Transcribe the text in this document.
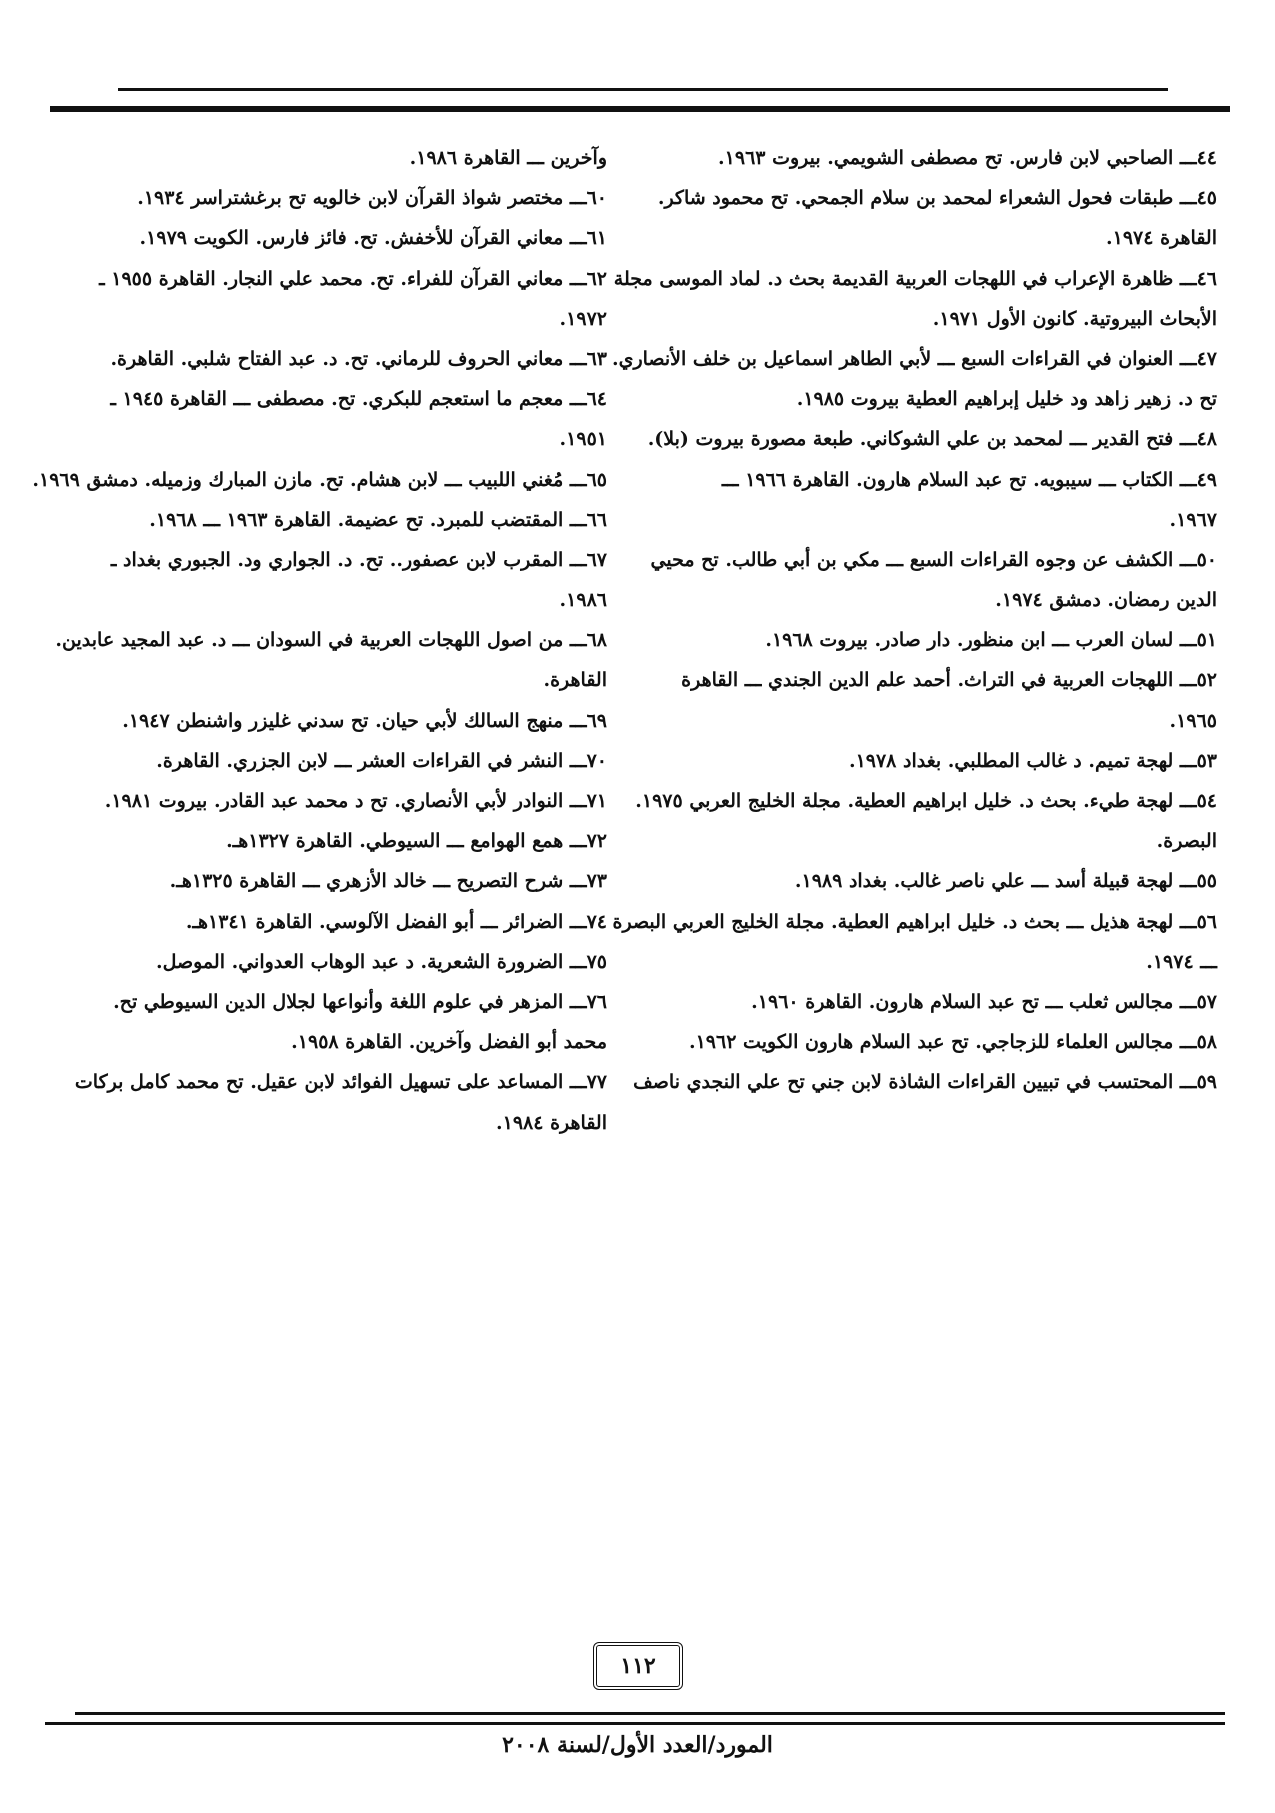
٤٤ـــ الصاحبي لابن فارس. تح مصطفى الشويمي. بيروت ١٩٦٣.
٤٥ـــ طبقات فحول الشعراء لمحمد بن سلام الجمحي. تح محمود شاكر.
القاهرة ١٩٧٤.
٤٦ـــ ظاهرة الإعراب في اللهجات العربية القديمة بحث د. لماد الموسى مجلة
الأبحاث البيروتية. كانون الأول ١٩٧١.
٤٧ـــ العنوان في القراءات السبع ـــ لأبي الطاهر اسماعيل بن خلف الأنصاري.
تح د. زهير زاهد ود خليل إبراهيم العطية بيروت ١٩٨٥.
٤٨ـــ فتح القدير ـــ لمحمد بن علي الشوكاني. طبعة مصورة بيروت (بلا).
٤٩ـــ الكتاب ـــ سيبويه. تح عبد السلام هارون. القاهرة ١٩٦٦ ـــ
١٩٦٧.
٥٠ـــ الكشف عن وجوه القراءات السبع ـــ مكي بن أبي طالب. تح محيي
الدين رمضان. دمشق ١٩٧٤.
٥١ـــ لسان العرب ـــ ابن منظور. دار صادر. بيروت ١٩٦٨.
٥٢ـــ اللهجات العربية في التراث. أحمد علم الدين الجندي ـــ القاهرة
١٩٦٥.
٥٣ـــ لهجة تميم. د غالب المطلبي. بغداد ١٩٧٨.
٥٤ـــ لهجة طيء. بحث د. خليل ابراهيم العطية. مجلة الخليج العربي ١٩٧٥.
البصرة.
٥٥ـــ لهجة قبيلة أسد ـــ علي ناصر غالب. بغداد ١٩٨٩.
٥٦ـــ لهجة هذيل ـــ بحث د. خليل ابراهيم العطية. مجلة الخليج العربي البصرة
ـــ ١٩٧٤.
٥٧ـــ مجالس ثعلب ـــ تح عبد السلام هارون. القاهرة ١٩٦٠.
٥٨ـــ مجالس العلماء للزجاجي. تح عبد السلام هارون الكويت ١٩٦٢.
٥٩ـــ المحتسب في تبيين القراءات الشاذة لابن جني تح علي النجدي ناصف
وآخرين ـــ القاهرة ١٩٨٦.
٦٠ـــ مختصر شواذ القرآن لابن خالويه تح برغشتراسر ١٩٣٤.
٦١ـــ معاني القرآن للأخفش. تح. فائز فارس. الكويت ١٩٧٩.
٦٢ـــ معاني القرآن للفراء. تح. محمد علي النجار. القاهرة ١٩٥٥ ـ
١٩٧٢.
٦٣ـــ معاني الحروف للرماني. تح. د. عبد الفتاح شلبي. القاهرة.
٦٤ـــ معجم ما استعجم للبكري. تح. مصطفى ـــ القاهرة ١٩٤٥ ـ
١٩٥١.
٦٥ـــ مُغني اللبيب ـــ لابن هشام. تح. مازن المبارك وزميله. دمشق ١٩٦٩.
٦٦ـــ المقتضب للمبرد. تح عضيمة. القاهرة ١٩٦٣ ـــ ١٩٦٨.
٦٧ـــ المقرب لابن عصفور.. تح. د. الجواري ود. الجبوري بغداد ـ
١٩٨٦.
٦٨ـــ من اصول اللهجات العربية في السودان ـــ د. عبد المجيد عابدين.
القاهرة.
٦٩ـــ منهج السالك لأبي حيان. تح سدني غليزر واشنطن ١٩٤٧.
٧٠ـــ النشر في القراءات العشر ـــ لابن الجزري. القاهرة.
٧١ـــ النوادر لأبي الأنصاري. تح د محمد عبد القادر. بيروت ١٩٨١.
٧٢ـــ همع الهوامع ـــ السيوطي. القاهرة ١٣٢٧هـ.
٧٣ـــ شرح التصريح ـــ خالد الأزهري ـــ القاهرة ١٣٢٥هـ.
٧٤ـــ الضرائر ـــ أبو الفضل الآلوسي. القاهرة ١٣٤١هـ.
٧٥ـــ الضرورة الشعرية. د عبد الوهاب العدواني. الموصل.
٧٦ـــ المزهر في علوم اللغة وأنواعها لجلال الدين السيوطي تح.
محمد أبو الفضل وآخرين. القاهرة ١٩٥٨.
٧٧ـــ المساعد على تسهيل الفوائد لابن عقيل. تح محمد كامل بركات
القاهرة ١٩٨٤.
١١٢
المورد/العدد الأول/لسنة ٢٠٠٨
